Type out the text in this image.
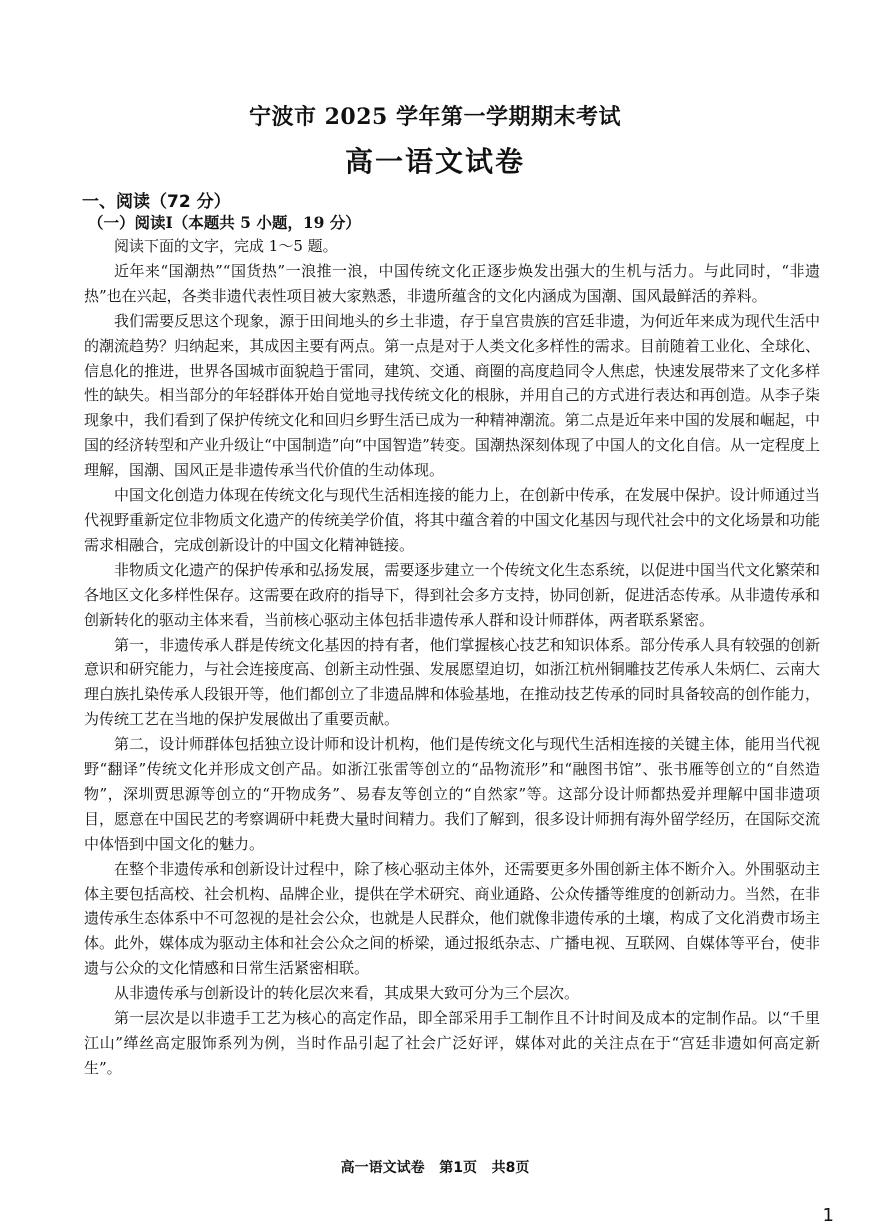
宁波市 2025 学年第一学期期末考试
高一语文试卷
一、阅读（72 分）
（一）阅读Ⅰ（本题共 5 小题，19 分）

阅读下面的文字，完成 1～5 题。

近年来“国潮热”“国货热”一浪推一浪，中国传统文化正逐步焕发出强大的生机与活力。与此同时，“非遗热”也在兴起，各类非遗代表性项目被大家熟悉，非遗所蕴含的文化内涵成为国潮、国风最鲜活的养料。

我们需要反思这个现象，源于田间地头的乡土非遗，存于皇宫贵族的宫廷非遗，为何近年来成为现代生活中的潮流趋势？归纳起来，其成因主要有两点。第一点是对于人类文化多样性的需求。目前随着工业化、全球化、信息化的推进，世界各国城市面貌趋于雷同，建筑、交通、商圈的高度趋同令人焦虑，快速发展带来了文化多样性的缺失。相当部分的年轻群体开始自觉地寻找传统文化的根脉，并用自己的方式进行表达和再创造。从李子柒现象中，我们看到了保护传统文化和回归乡野生活已成为一种精神潮流。第二点是近年来中国的发展和崛起，中国的经济转型和产业升级让“中国制造”向“中国智造”转变。国潮热深刻体现了中国人的文化自信。从一定程度上理解，国潮、国风正是非遗传承当代价值的生动体现。

中国文化创造力体现在传统文化与现代生活相连接的能力上，在创新中传承，在发展中保护。设计师通过当代视野重新定位非物质文化遗产的传统美学价值，将其中蕴含着的中国文化基因与现代社会中的文化场景和功能需求相融合，完成创新设计的中国文化精神链接。

非物质文化遗产的保护传承和弘扬发展，需要逐步建立一个传统文化生态系统，以促进中国当代文化繁荣和各地区文化多样性保存。这需要在政府的指导下，得到社会多方支持，协同创新，促进活态传承。从非遗传承和创新转化的驱动主体来看，当前核心驱动主体包括非遗传承人群和设计师群体，两者联系紧密。

第一，非遗传承人群是传统文化基因的持有者，他们掌握核心技艺和知识体系。部分传承人具有较强的创新意识和研究能力，与社会连接度高、创新主动性强、发展愿望迫切，如浙江杭州铜雕技艺传承人朱炳仁、云南大理白族扎染传承人段银开等，他们都创立了非遗品牌和体验基地，在推动技艺传承的同时具备较高的创作能力，为传统工艺在当地的保护发展做出了重要贡献。

第二，设计师群体包括独立设计师和设计机构，他们是传统文化与现代生活相连接的关键主体，能用当代视野“翻译”传统文化并形成文创产品。如浙江张雷等创立的“品物流形”和“融图书馆”、张书雁等创立的“自然造物”，深圳贾思源等创立的“开物成务”、易春友等创立的“自然家”等。这部分设计师都热爱并理解中国非遗项目，愿意在中国民艺的考察调研中耗费大量时间精力。我们了解到，很多设计师拥有海外留学经历，在国际交流中体悟到中国文化的魅力。

在整个非遗传承和创新设计过程中，除了核心驱动主体外，还需要更多外围创新主体不断介入。外围驱动主体主要包括高校、社会机构、品牌企业，提供在学术研究、商业通路、公众传播等维度的创新动力。当然，在非遗传承生态体系中不可忽视的是社会公众，也就是人民群众，他们就像非遗传承的土壤，构成了文化消费市场主体。此外，媒体成为驱动主体和社会公众之间的桥梁，通过报纸杂志、广播电视、互联网、自媒体等平台，使非遗与公众的文化情感和日常生活紧密相联。

从非遗传承与创新设计的转化层次来看，其成果大致可分为三个层次。

第一层次是以非遗手工艺为核心的高定作品，即全部采用手工制作且不计时间及成本的定制作品。以“千里江山”缂丝高定服饰系列为例，当时作品引起了社会广泛好评，媒体对此的关注点在于“宫廷非遗如何高定新生”。

高一语文试卷   第1页   共8页
1
